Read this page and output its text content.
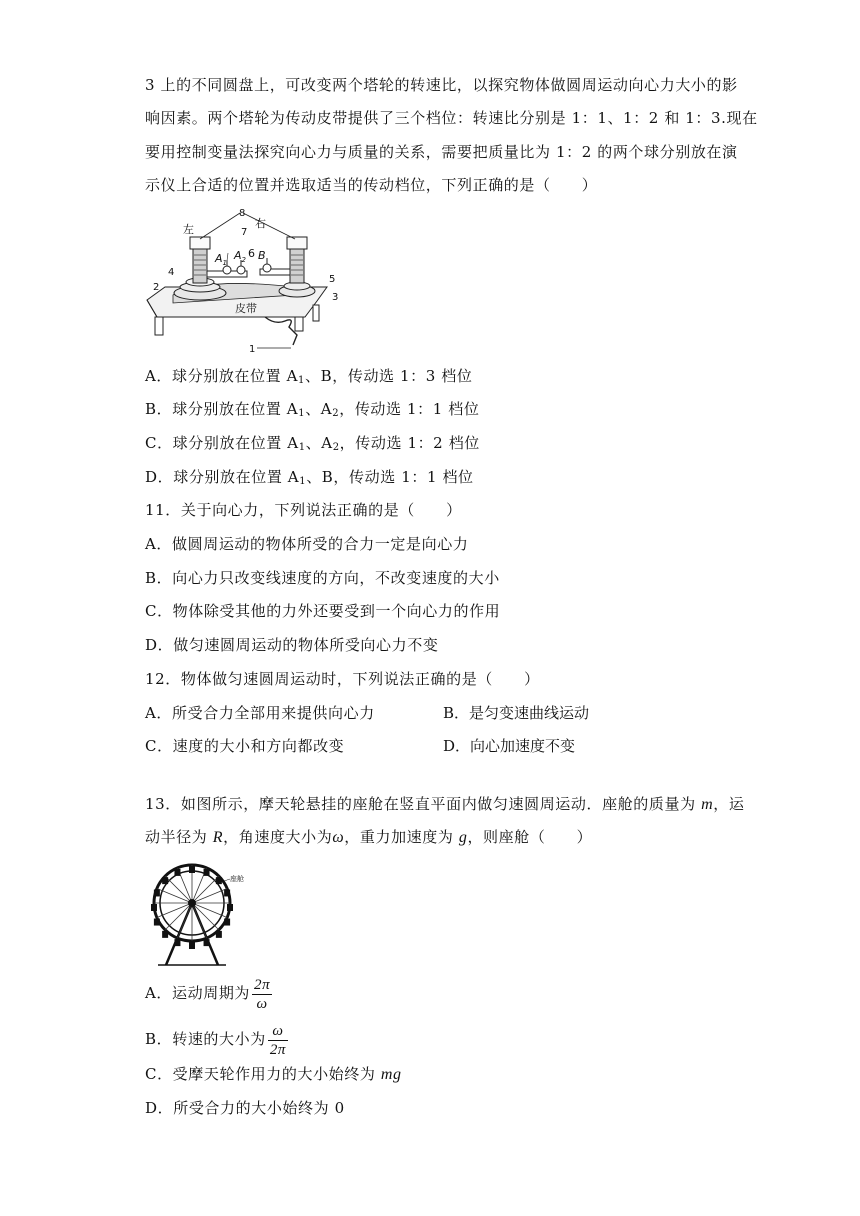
3 上的不同圆盘上，可改变两个塔轮的转速比，以探究物体做圆周运动向心力大小的影
响因素。两个塔轮为传动皮带提供了三个档位：转速比分别是 1：1、1：2 和 1：3.现在
要用控制变量法探究向心力与质量的关系，需要把质量比为 1：2 的两个球分别放在演
示仪上合适的位置并选取适当的传动档位，下列正确的是（　　）
皮带
左	右
8
7
6
4
2
5
3
1
$A_1$
$A_2$ B
A．球分别放在位置 $A_1$、B，传动选 1：3 档位
B．球分别放在位置 $A_1$、$A_2$，传动选 1：1 档位
C．球分别放在位置 $A_1$、$A_2$，传动选 1：2 档位
D．球分别放在位置 $A_1$、B，传动选 1：1 档位
11．关于向心力，下列说法正确的是（　　）
A．做圆周运动的物体所受的合力一定是向心力
B．向心力只改变线速度的方向，不改变速度的大小
C．物体除受其他的力外还要受到一个向心力的作用
D．做匀速圆周运动的物体所受向心力不变
12．物体做匀速圆周运动时，下列说法正确的是（　　）
A．所受合力全部用来提供向心力	B．是匀变速曲线运动
C．速度的大小和方向都改变	D．向心加速度不变
13．如图所示，摩天轮悬挂的座舱在竖直平面内做匀速圆周运动．座舱的质量为 m，运
动半径为 R，角速度大小为ω，重力加速度为 g，则座舱（　　）
座舱
A．运动周期为 $\frac{2\pi}{\omega}$
B．转速的大小为 $\frac{\omega}{2\pi}$
C．受摩天轮作用力的大小始终为 mg
D．所受合力的大小始终为 0
